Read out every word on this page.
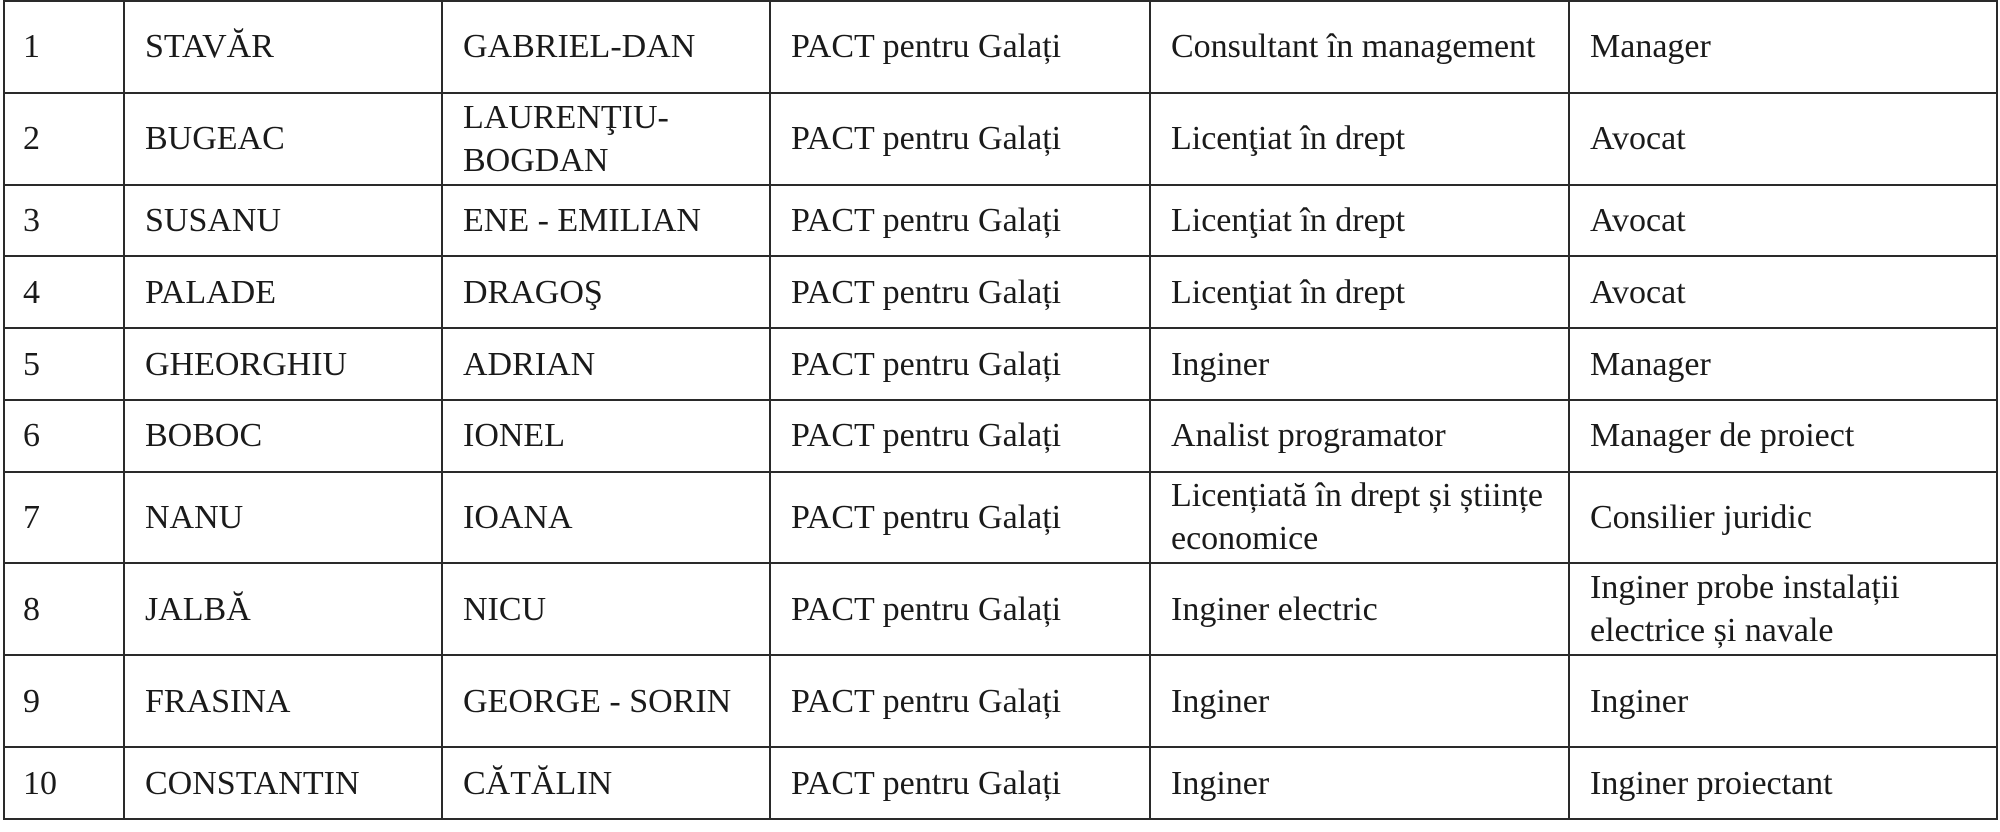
1	STAVĂR	GABRIEL-DAN	PACT pentru Galați	Consultant în management	Manager
2	BUGEAC	LAURENŢIU-BOGDAN	PACT pentru Galați	Licenţiat în drept	Avocat
3	SUSANU	ENE - EMILIAN	PACT pentru Galați	Licenţiat în drept	Avocat
4	PALADE	DRAGOŞ	PACT pentru Galați	Licenţiat în drept	Avocat
5	GHEORGHIU	ADRIAN	PACT pentru Galați	Inginer	Manager
6	BOBOC	IONEL	PACT pentru Galați	Analist programator	Manager de proiect
7	NANU	IOANA	PACT pentru Galați	Licențiată în drept și științe economice	Consilier juridic
8	JALBĂ	NICU	PACT pentru Galați	Inginer electric	Inginer probe instalații electrice și navale
9	FRASINA	GEORGE - SORIN	PACT pentru Galați	Inginer	Inginer
10	CONSTANTIN	CĂTĂLIN	PACT pentru Galați	Inginer	Inginer proiectant
